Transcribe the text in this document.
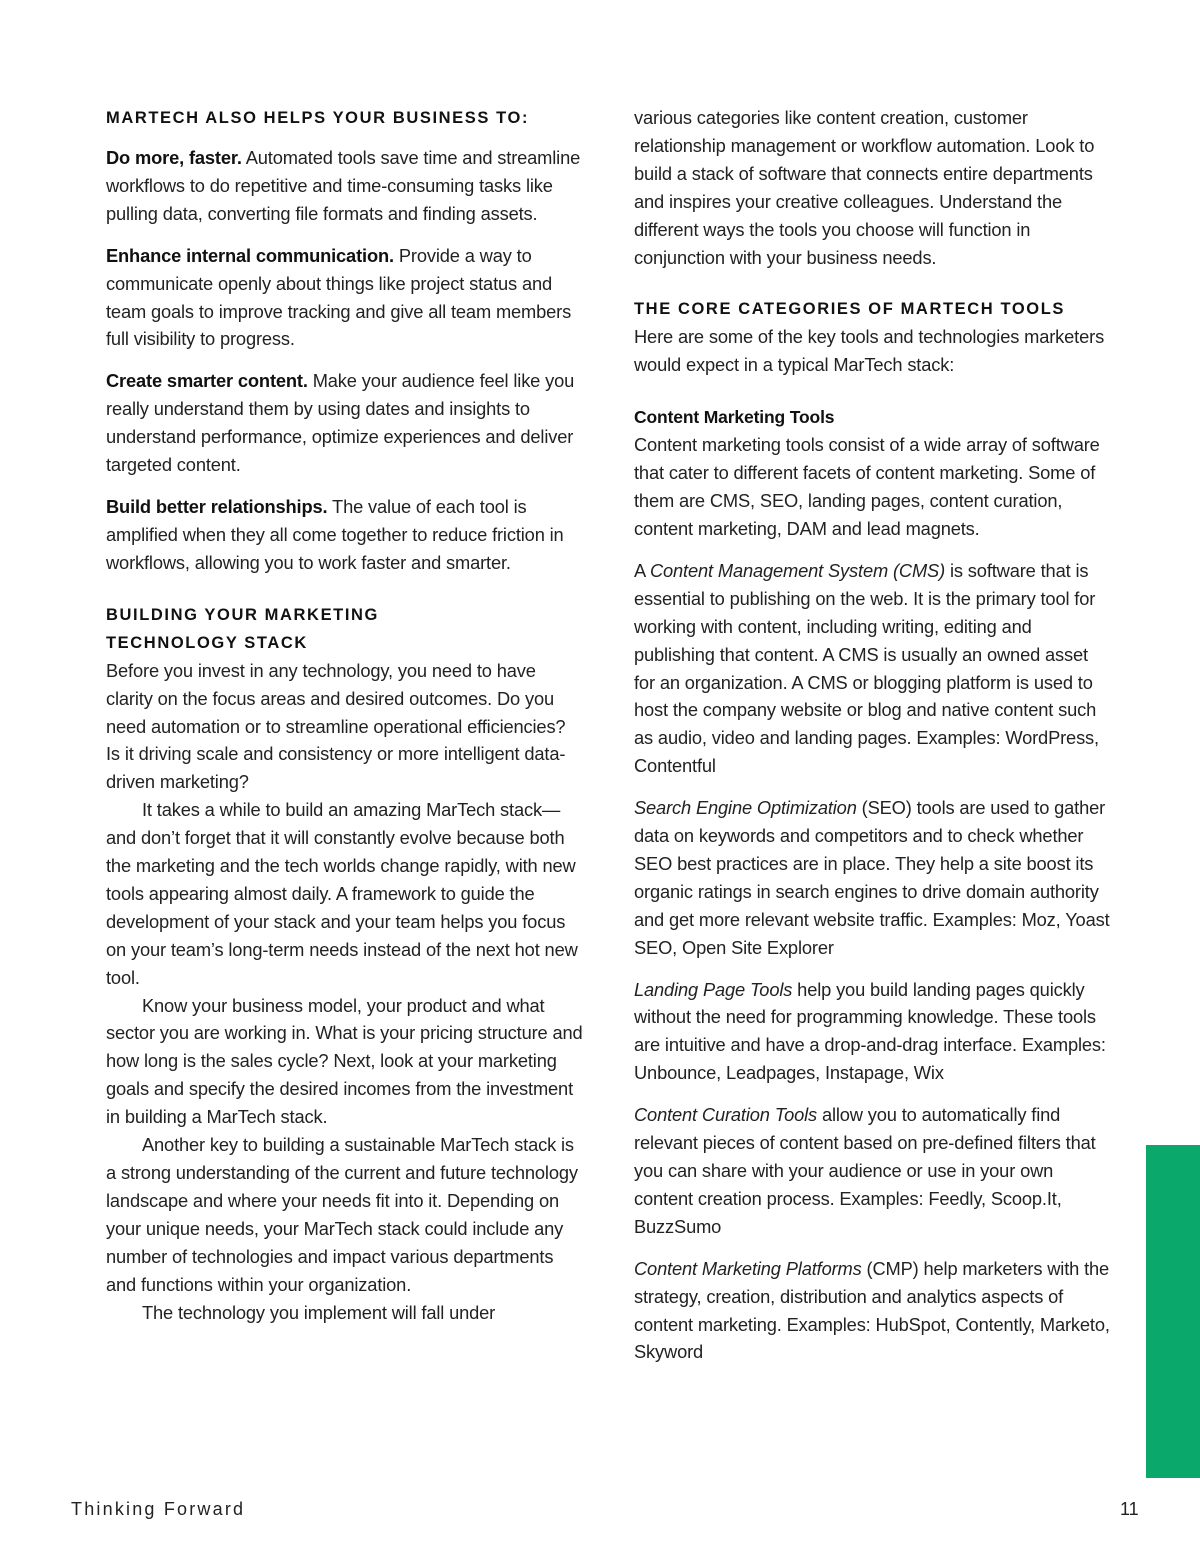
MARTECH ALSO HELPS YOUR BUSINESS TO:

Do more, faster. Automated tools save time and streamline workflows to do repetitive and time-consuming tasks like pulling data, converting file formats and finding assets.

Enhance internal communication. Provide a way to communicate openly about things like project status and team goals to improve tracking and give all team members full visibility to progress.

Create smarter content. Make your audience feel like you really understand them by using dates and insights to understand performance, optimize experiences and deliver targeted content.

Build better relationships. The value of each tool is amplified when they all come together to reduce friction in workflows, allowing you to work faster and smarter.

BUILDING YOUR MARKETING TECHNOLOGY STACK

Before you invest in any technology, you need to have clarity on the focus areas and desired outcomes. Do you need automation or to streamline operational efficiencies? Is it driving scale and consistency or more intelligent data-driven marketing?

It takes a while to build an amazing MarTech stack—and don’t forget that it will constantly evolve because both the marketing and the tech worlds change rapidly, with new tools appearing almost daily. A framework to guide the development of your stack and your team helps you focus on your team’s long-term needs instead of the next hot new tool.

Know your business model, your product and what sector you are working in. What is your pricing structure and how long is the sales cycle? Next, look at your marketing goals and specify the desired incomes from the investment in building a MarTech stack.

Another key to building a sustainable MarTech stack is a strong understanding of the current and future technology landscape and where your needs fit into it. Depending on your unique needs, your MarTech stack could include any number of technologies and impact various departments and functions within your organization.

The technology you implement will fall under

various categories like content creation, customer relationship management or workflow automation. Look to build a stack of software that connects entire departments and inspires your creative colleagues. Understand the different ways the tools you choose will function in conjunction with your business needs.

THE CORE CATEGORIES OF MARTECH TOOLS

Here are some of the key tools and technologies marketers would expect in a typical MarTech stack:

Content Marketing Tools

Content marketing tools consist of a wide array of software that cater to different facets of content marketing. Some of them are CMS, SEO, landing pages, content curation, content marketing, DAM and lead magnets.

A Content Management System (CMS) is software that is essential to publishing on the web. It is the primary tool for working with content, including writing, editing and publishing that content. A CMS is usually an owned asset for an organization. A CMS or blogging platform is used to host the company website or blog and native content such as audio, video and landing pages. Examples: WordPress, Contentful

Search Engine Optimization (SEO) tools are used to gather data on keywords and competitors and to check whether SEO best practices are in place. They help a site boost its organic ratings in search engines to drive domain authority and get more relevant website traffic. Examples: Moz, Yoast SEO, Open Site Explorer

Landing Page Tools help you build landing pages quickly without the need for programming knowledge. These tools are intuitive and have a drop-and-drag interface. Examples: Unbounce, Leadpages, Instapage, Wix

Content Curation Tools allow you to automatically find relevant pieces of content based on pre-defined filters that you can share with your audience or use in your own content creation process. Examples: Feedly, Scoop.It, BuzzSumo

Content Marketing Platforms (CMP) help marketers with the strategy, creation, distribution and analytics aspects of content marketing. Examples: HubSpot, Contently, Marketo, Skyword

Thinking Forward	11
